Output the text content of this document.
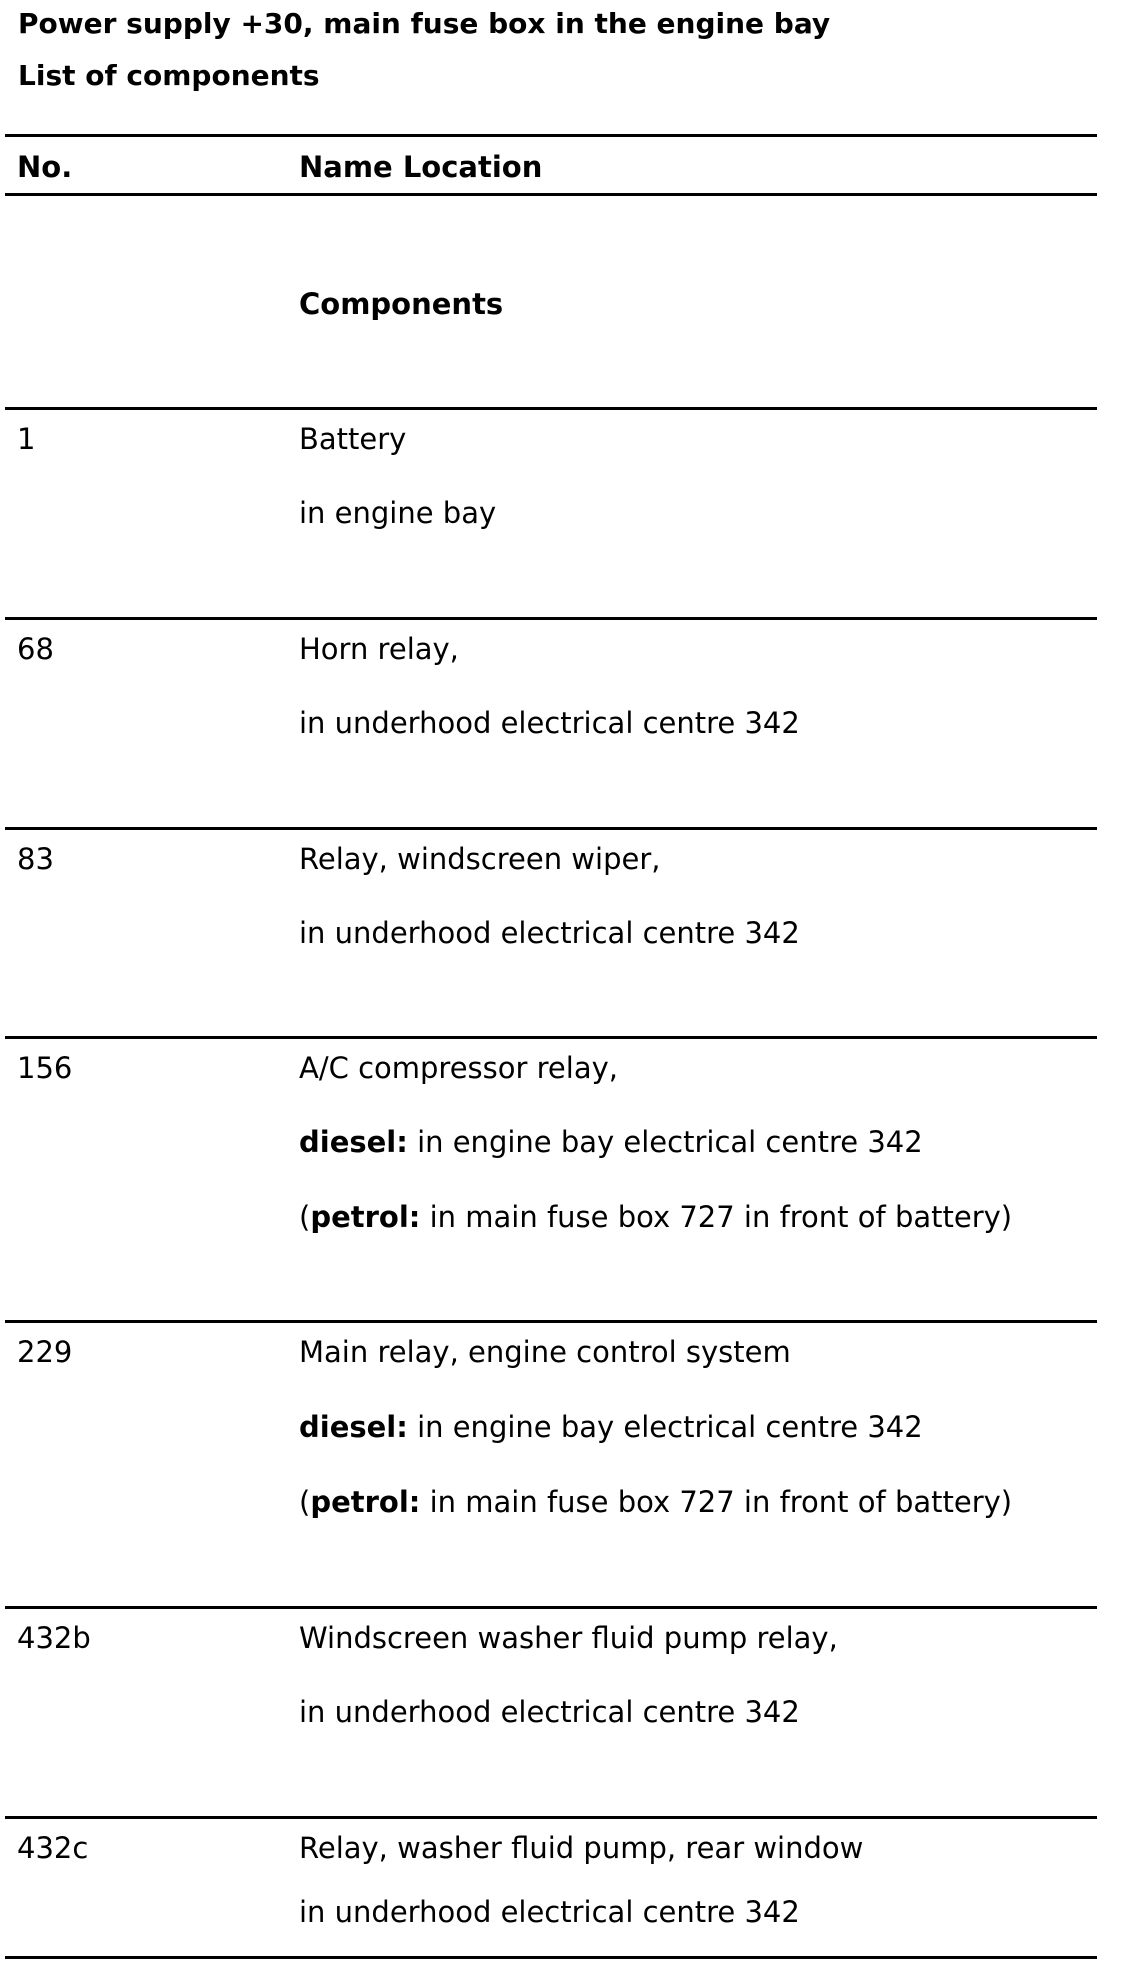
Power supply +30, main fuse box in the engine bay
List of components
No.	Name Location
Components
1	Battery
in engine bay
68	Horn relay,
in underhood electrical centre 342
83	Relay, windscreen wiper,
in underhood electrical centre 342
156	A/C compressor relay,
diesel: in engine bay electrical centre 342
(petrol: in main fuse box 727 in front of battery)
229	Main relay, engine control system
diesel: in engine bay electrical centre 342
(petrol: in main fuse box 727 in front of battery)
432b	Windscreen washer fluid pump relay,
in underhood electrical centre 342
432c	Relay, washer fluid pump, rear window
in underhood electrical centre 342
